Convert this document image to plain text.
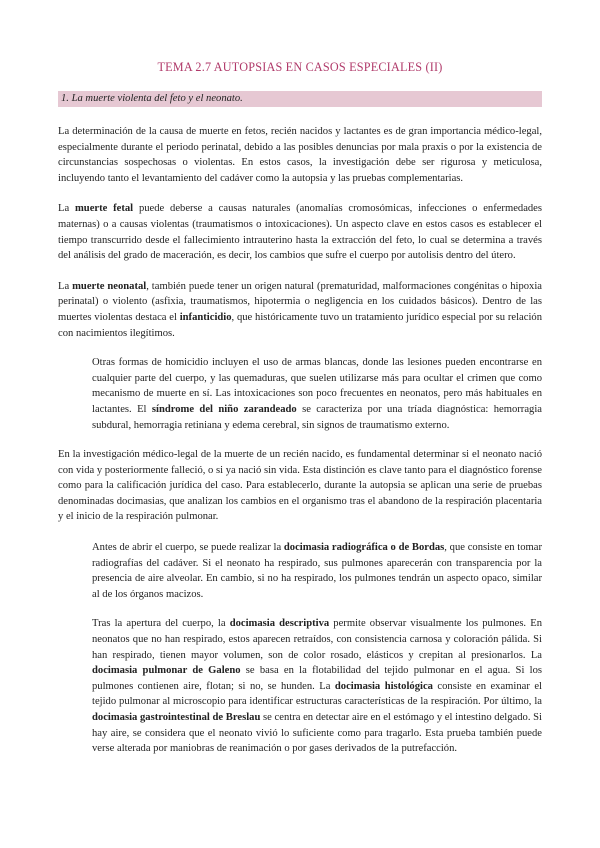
TEMA 2.7 AUTOPSIAS EN CASOS ESPECIALES (II)
1. La muerte violenta del feto y el neonato.

La determinación de la causa de muerte en fetos, recién nacidos y lactantes es de gran importancia médico-legal, especialmente durante el periodo perinatal, debido a las posibles denuncias por mala praxis o por la existencia de circunstancias sospechosas o violentas. En estos casos, la investigación debe ser rigurosa y meticulosa, incluyendo tanto el levantamiento del cadáver como la autopsia y las pruebas complementarias.

La muerte fetal puede deberse a causas naturales (anomalías cromosómicas, infecciones o enfermedades maternas) o a causas violentas (traumatismos o intoxicaciones). Un aspecto clave en estos casos es establecer el tiempo transcurrido desde el fallecimiento intrauterino hasta la extracción del feto, lo cual se determina a través del análisis del grado de maceración, es decir, los cambios que sufre el cuerpo por autolisis dentro del útero.

La muerte neonatal, también puede tener un origen natural (prematuridad, malformaciones congénitas o hipoxia perinatal) o violento (asfixia, traumatismos, hipotermia o negligencia en los cuidados básicos). Dentro de las muertes violentas destaca el infanticidio, que históricamente tuvo un tratamiento jurídico especial por su relación con nacimientos ilegítimos.

Otras formas de homicidio incluyen el uso de armas blancas, donde las lesiones pueden encontrarse en cualquier parte del cuerpo, y las quemaduras, que suelen utilizarse más para ocultar el crimen que como mecanismo de muerte en sí. Las intoxicaciones son poco frecuentes en neonatos, pero más habituales en lactantes. El síndrome del niño zarandeado se caracteriza por una tríada diagnóstica: hemorragia subdural, hemorragia retiniana y edema cerebral, sin signos de traumatismo externo.

En la investigación médico-legal de la muerte de un recién nacido, es fundamental determinar si el neonato nació con vida y posteriormente falleció, o si ya nació sin vida. Esta distinción es clave tanto para el diagnóstico forense como para la calificación jurídica del caso. Para establecerlo, durante la autopsia se aplican una serie de pruebas denominadas docimasias, que analizan los cambios en el organismo tras el abandono de la respiración placentaria y el inicio de la respiración pulmonar.

Antes de abrir el cuerpo, se puede realizar la docimasia radiográfica o de Bordas, que consiste en tomar radiografías del cadáver. Si el neonato ha respirado, sus pulmones aparecerán con transparencia por la presencia de aire alveolar. En cambio, si no ha respirado, los pulmones tendrán un aspecto opaco, similar al de los órganos macizos.

Tras la apertura del cuerpo, la docimasia descriptiva permite observar visualmente los pulmones. En neonatos que no han respirado, estos aparecen retraídos, con consistencia carnosa y coloración pálida. Si han respirado, tienen mayor volumen, son de color rosado, elásticos y crepitan al presionarlos. La docimasia pulmonar de Galeno se basa en la flotabilidad del tejido pulmonar en el agua. Si los pulmones contienen aire, flotan; si no, se hunden. La docimasia histológica consiste en examinar el tejido pulmonar al microscopio para identificar estructuras características de la respiración. Por último, la docimasia gastrointestinal de Breslau se centra en detectar aire en el estómago y el intestino delgado. Si hay aire, se considera que el neonato vivió lo suficiente como para tragarlo. Esta prueba también puede verse alterada por maniobras de reanimación o por gases derivados de la putrefacción.
